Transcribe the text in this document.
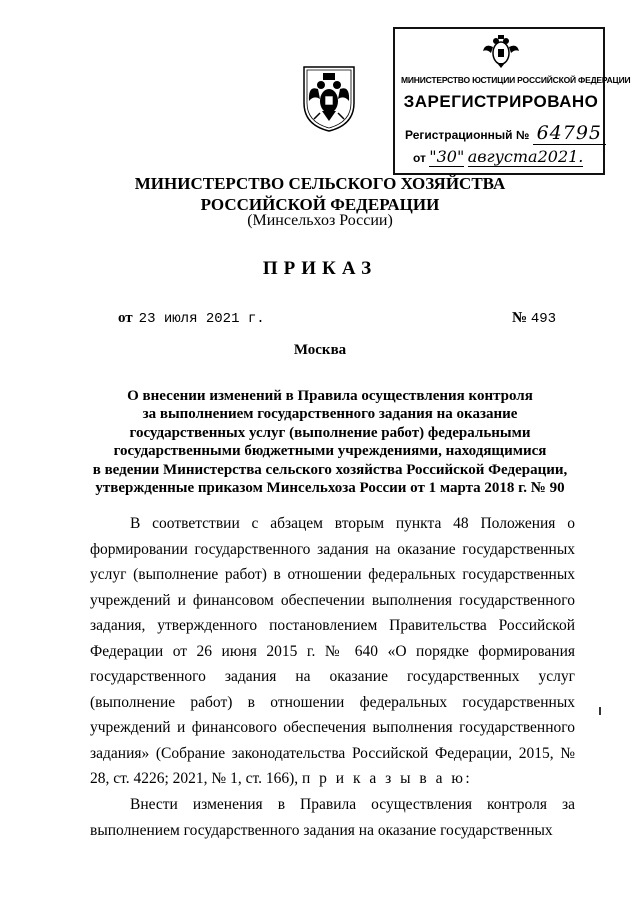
МИНИСТЕРСТВО ЮСТИЦИИ РОССИЙСКОЙ ФЕДЕРАЦИИ
ЗАРЕГИСТРИРОВАНО
Регистрационный № 64795
от "30" августа2021.
МИНИСТЕРСТВО СЕЛЬСКОГО ХОЗЯЙСТВА
РОССИЙСКОЙ ФЕДЕРАЦИИ
(Минсельхоз России)
ПРИКАЗ
от 23 июля 2021 г.	№ 493
Москва
О внесении изменений в Правила осуществления контроля
за выполнением государственного задания на оказание
государственных услуг (выполнение работ) федеральными
государственными бюджетными учреждениями, находящимися
в ведении Министерства сельского хозяйства Российской Федерации,
утвержденные приказом Минсельхоза России от 1 марта 2018 г. № 90
В соответствии с абзацем вторым пункта 48 Положения о формировании государственного задания на оказание государственных услуг (выполнение работ) в отношении федеральных государственных учреждений и финансовом обеспечении выполнения государственного задания, утвержденного постановлением Правительства Российской Федерации от 26 июня 2015 г. № 640 «О порядке формирования государственного задания на оказание государственных услуг (выполнение работ) в отношении федеральных государственных учреждений и финансового обеспечения выполнения государственного задания» (Собрание законодательства Российской Федерации, 2015, № 28, ст. 4226; 2021, № 1, ст. 166), п р и к а з ы в а ю:
Внести изменения в Правила осуществления контроля за выполнением государственного задания на оказание государственных
